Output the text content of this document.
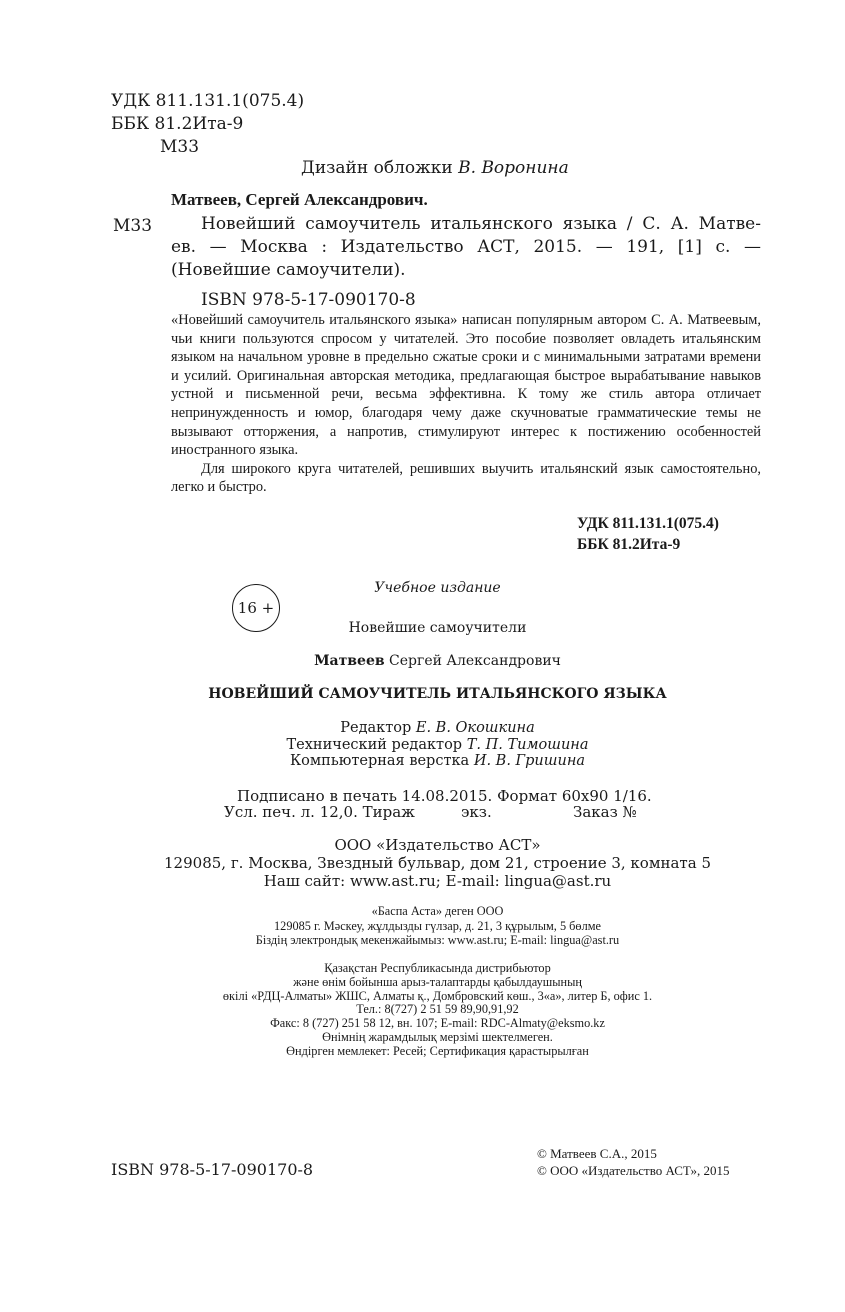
УДК 811.131.1(075.4)
ББК 81.2Ита-9
М33
Дизайн обложки В. Воронина
Матвеев, Сергей Александрович.
М33	Новейший самоучитель итальянского языка / С. А. Матве-

ев. — Москва : Издательство АСТ, 2015. — 191, [1] с. — (Новейшие самоучители).

ISBN 978-5-17-090170-8

«Новейший самоучитель итальянского языка» написан популярным автором С. А. Матвеевым, чьи книги пользуются спросом у читателей. Это пособие позволяет овладеть итальянским языком на начальном уровне в предельно сжатые сроки и с минимальными затратами времени и усилий. Оригинальная авторская методика, предлагающая быстрое вырабатывание навыков устной и письменной речи, весьма эффективна. К тому же стиль автора отличает непринужденность и юмор, благодаря чему даже скучноватые грамматические темы не вызывают отторжения, а напротив, стимулируют интерес к постижению особенностей иностранного языка.

Для широкого круга читателей, решивших выучить итальянский язык самостоятельно, легко и быстро.

УДК 811.131.1(075.4)
ББК 81.2Ита-9
16 +
Учебное издание
Новейшие самоучители
Матвеев Сергей Александрович
НОВЕЙШИЙ САМОУЧИТЕЛЬ ИТАЛЬЯНСКОГО ЯЗЫКА
Редактор Е. В. Окошкина
Технический редактор Т. П. Тимошина
Компьютерная верстка И. В. Гришина
Подписано в печать 14.08.2015. Формат 60х90 1/16.
Усл. печ. л. 12,0. Тираж	экз.	Заказ №
ООО «Издательство АСТ»
129085, г. Москва, Звездный бульвар, дом 21, строение 3, комната 5
Наш сайт: www.ast.ru; E-mail: lingua@ast.ru
«Баспа Аста» деген ООО
129085 г. Мәскеу, жұлдызды гүлзар, д. 21, 3 құрылым, 5 бөлме
Біздің электрондық мекенжайымыз: www.ast.ru; E-mail: lingua@ast.ru
Қазақстан Республикасында дистрибьютор
және өнім бойынша арыз-талаптарды қабылдаушының
өкілі «РДЦ-Алматы» ЖШС, Алматы қ., Домбровский көш., 3«а», литер Б, офис 1.
Тел.: 8(727) 2 51 59 89,90,91,92
Факс: 8 (727) 251 58 12, вн. 107; E-mail: RDC-Almaty@eksmo.kz
Өнімнің жарамдылық мерзімі шектелмеген.
Өндірген мемлекет: Ресей; Сертификация қарастырылған
ISBN 978-5-17-090170-8
© Матвеев С.А., 2015
© ООО «Издательство АСТ», 2015
